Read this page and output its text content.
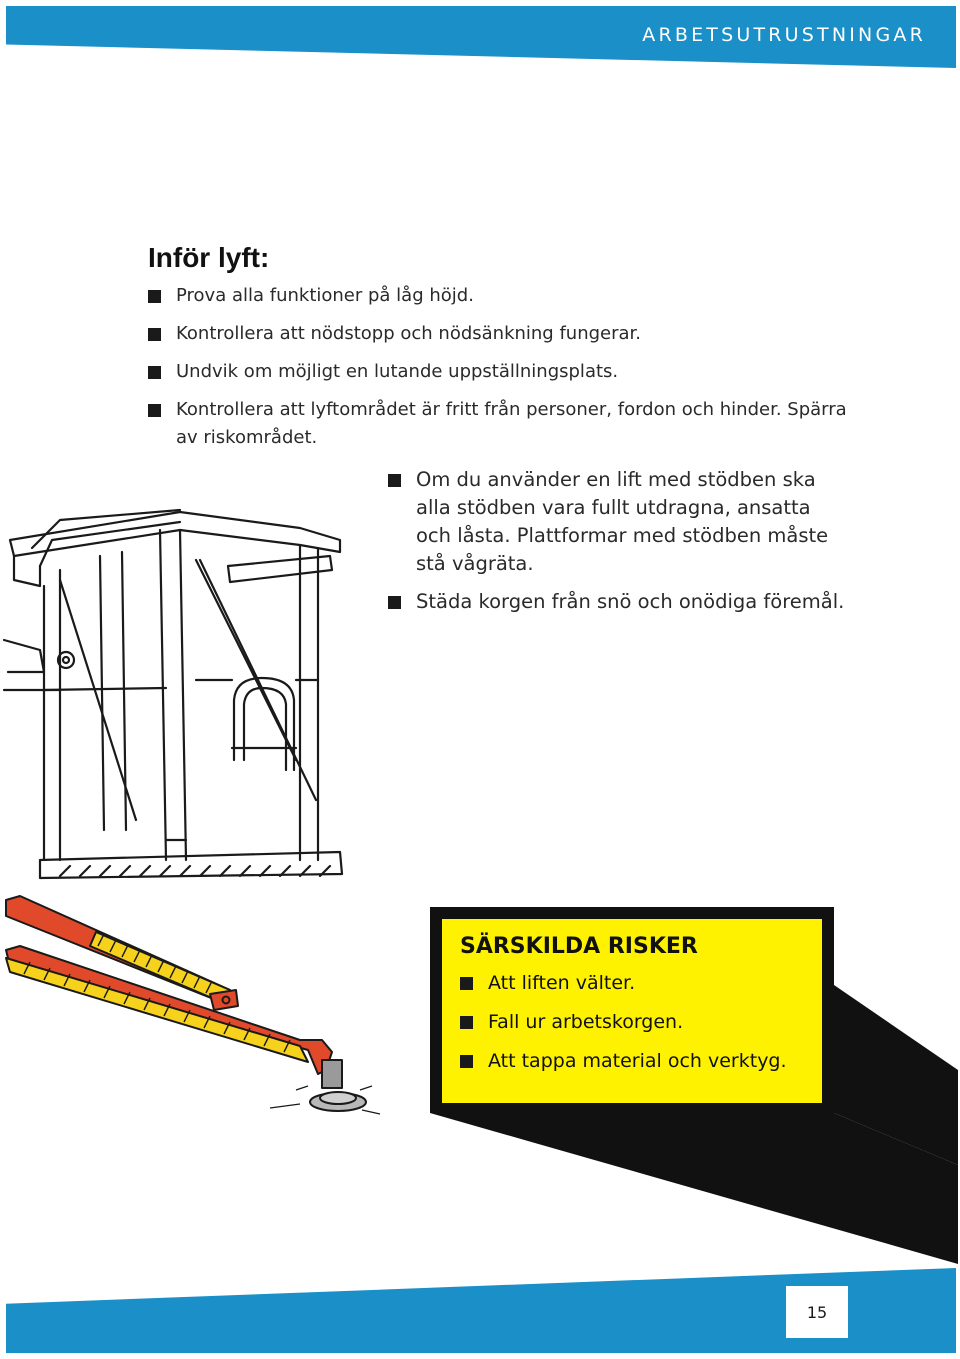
ARBETSUTRUSTNINGAR
Inför lyft:
Prova alla funktioner på låg höjd.
Kontrollera att nödstopp och nödsänkning fungerar.
Undvik om möjligt en lutande uppställningsplats.
Kontrollera att lyftområdet är fritt från personer, fordon och hinder. Spärra av riskområdet.
Om du använder en lift med stödben ska alla stödben vara fullt utdragna, ansatta och låsta. Plattformar med stödben måste stå vågräta.
Städa korgen från snö och onödiga föremål.
SÄRSKILDA RISKER
Att liften välter.
Fall ur arbetskorgen.
Att tappa material och verktyg.
15
